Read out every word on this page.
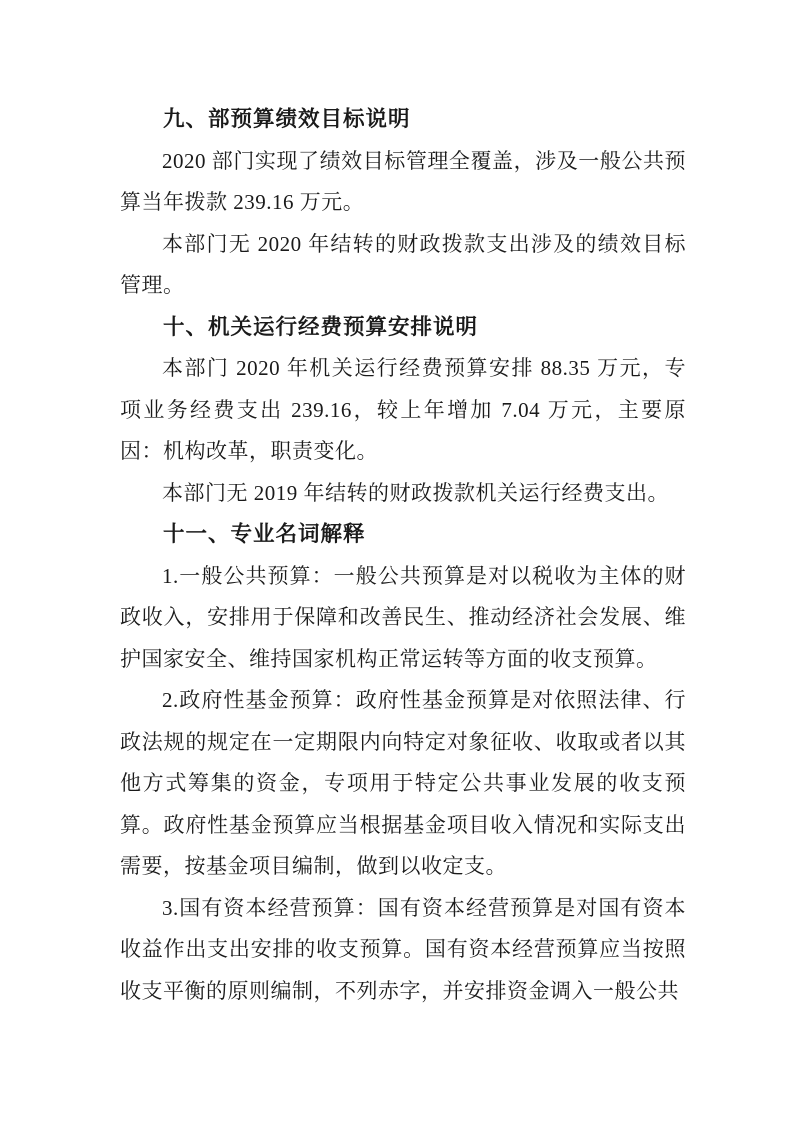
九、部预算绩效目标说明

2020 部门实现了绩效目标管理全覆盖，涉及一般公共预算当年拨款 239.16 万元。

本部门无 2020 年结转的财政拨款支出涉及的绩效目标管理。

十、机关运行经费预算安排说明

本部门 2020 年机关运行经费预算安排 88.35 万元，专项业务经费支出 239.16，较上年增加 7.04 万元，主要原因：机构改革，职责变化。

本部门无 2019 年结转的财政拨款机关运行经费支出。

十一、专业名词解释

1.一般公共预算：一般公共预算是对以税收为主体的财政收入，安排用于保障和改善民生、推动经济社会发展、维护国家安全、维持国家机构正常运转等方面的收支预算。

2.政府性基金预算：政府性基金预算是对依照法律、行政法规的规定在一定期限内向特定对象征收、收取或者以其他方式筹集的资金，专项用于特定公共事业发展的收支预算。政府性基金预算应当根据基金项目收入情况和实际支出需要，按基金项目编制，做到以收定支。

3.国有资本经营预算：国有资本经营预算是对国有资本收益作出支出安排的收支预算。国有资本经营预算应当按照收支平衡的原则编制，不列赤字，并安排资金调入一般公共
